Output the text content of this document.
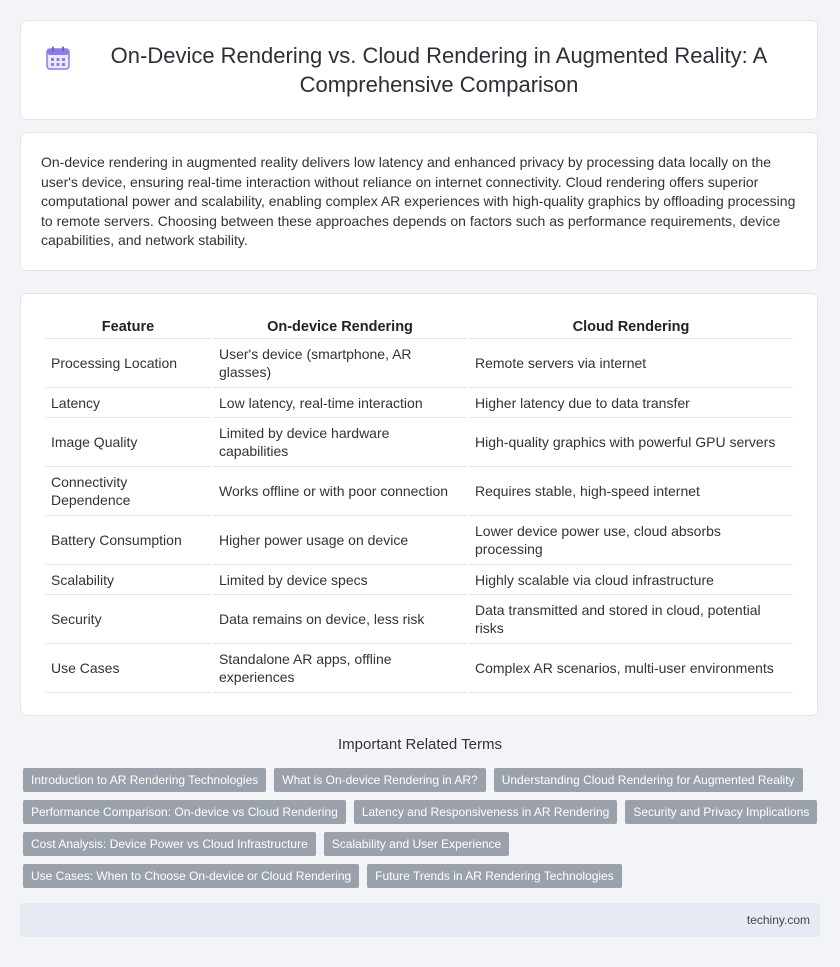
On-Device Rendering vs. Cloud Rendering in Augmented Reality: A Comprehensive Comparison

On-device rendering in augmented reality delivers low latency and enhanced privacy by processing data locally on the user's device, ensuring real-time interaction without reliance on internet connectivity. Cloud rendering offers superior computational power and scalability, enabling complex AR experiences with high-quality graphics by offloading processing to remote servers. Choosing between these approaches depends on factors such as performance requirements, device capabilities, and network stability.

Feature	On-device Rendering	Cloud Rendering
Processing Location	User's device (smartphone, AR glasses)	Remote servers via internet
Latency	Low latency, real-time interaction	Higher latency due to data transfer
Image Quality	Limited by device hardware capabilities	High-quality graphics with powerful GPU servers
Connectivity Dependence	Works offline or with poor connection	Requires stable, high-speed internet
Battery Consumption	Higher power usage on device	Lower device power use, cloud absorbs processing
Scalability	Limited by device specs	Highly scalable via cloud infrastructure
Security	Data remains on device, less risk	Data transmitted and stored in cloud, potential risks
Use Cases	Standalone AR apps, offline experiences	Complex AR scenarios, multi-user environments
Important Related Terms
Introduction to AR Rendering Technologies	What is On-device Rendering in AR?	Understanding Cloud Rendering for Augmented Reality
Performance Comparison: On-device vs Cloud Rendering	Latency and Responsiveness in AR Rendering	Security and Privacy Implications
Cost Analysis: Device Power vs Cloud Infrastructure	Scalability and User Experience
Use Cases: When to Choose On-device or Cloud Rendering	Future Trends in AR Rendering Technologies
techiny.com
